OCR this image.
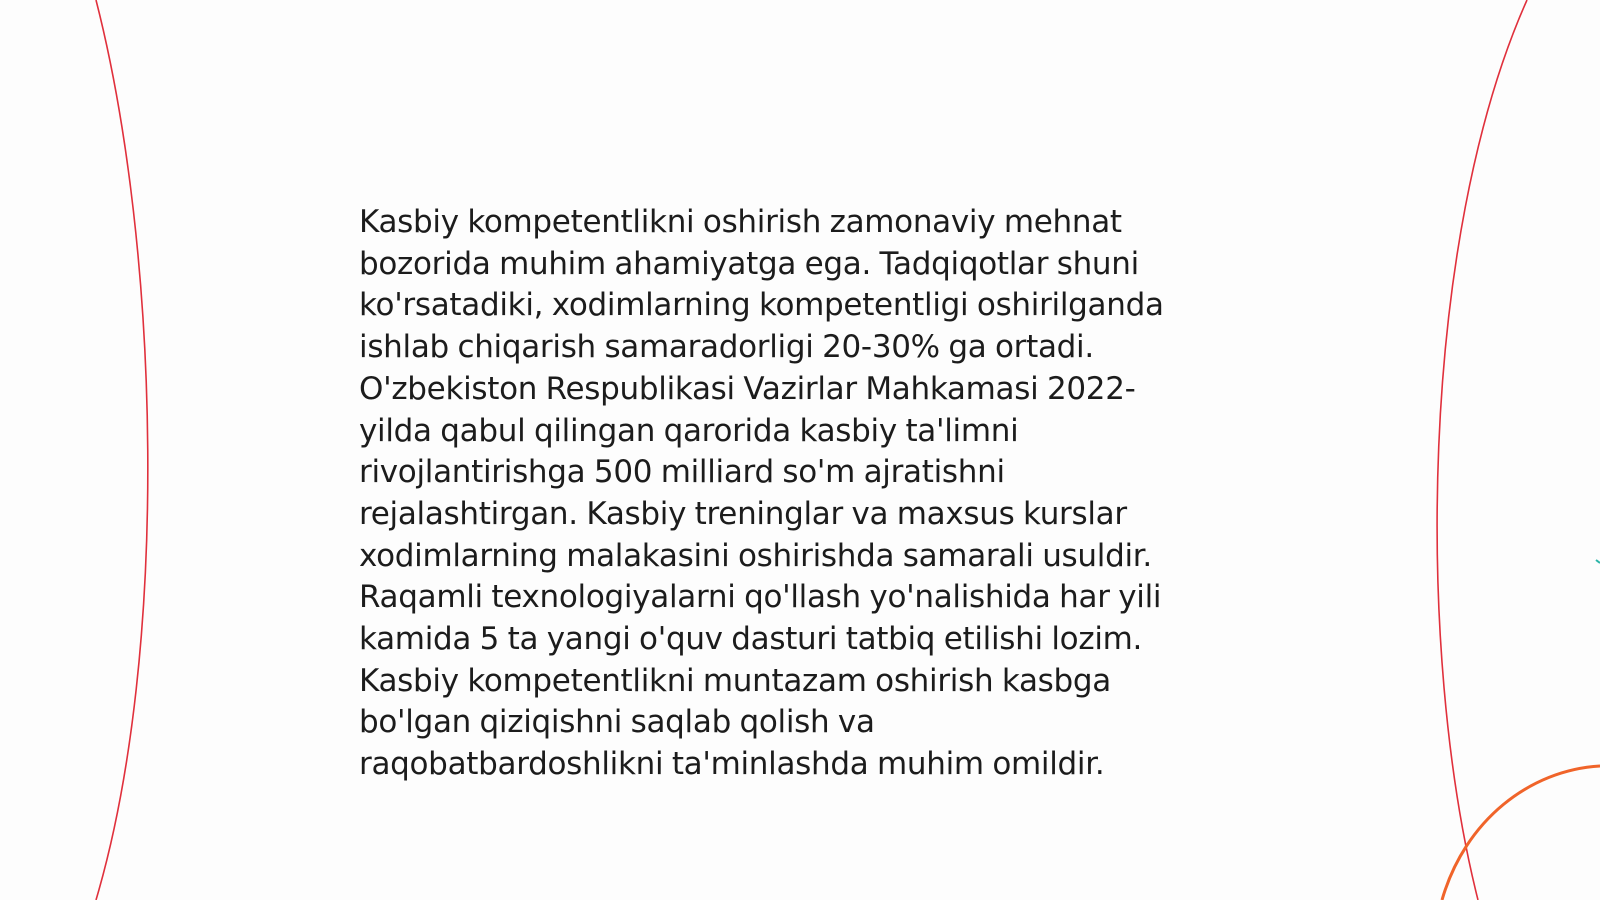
Kasbiy kompetentlikni oshirish zamonaviy mehnat
bozorida muhim ahamiyatga ega. Tadqiqotlar shuni
ko'rsatadiki, xodimlarning kompetentligi oshirilganda
ishlab chiqarish samaradorligi 20-30% ga ortadi.
O'zbekiston Respublikasi Vazirlar Mahkamasi 2022-
yilda qabul qilingan qarorida kasbiy ta'limni
rivojlantirishga 500 milliard so'm ajratishni
rejalashtirgan. Kasbiy treninglar va maxsus kurslar
xodimlarning malakasini oshirishda samarali usuldir.
Raqamli texnologiyalarni qo'llash yo'nalishida har yili
kamida 5 ta yangi o'quv dasturi tatbiq etilishi lozim.
Kasbiy kompetentlikni muntazam oshirish kasbga
bo'lgan qiziqishni saqlab qolish va
raqobatbardoshlikni ta'minlashda muhim omildir.
